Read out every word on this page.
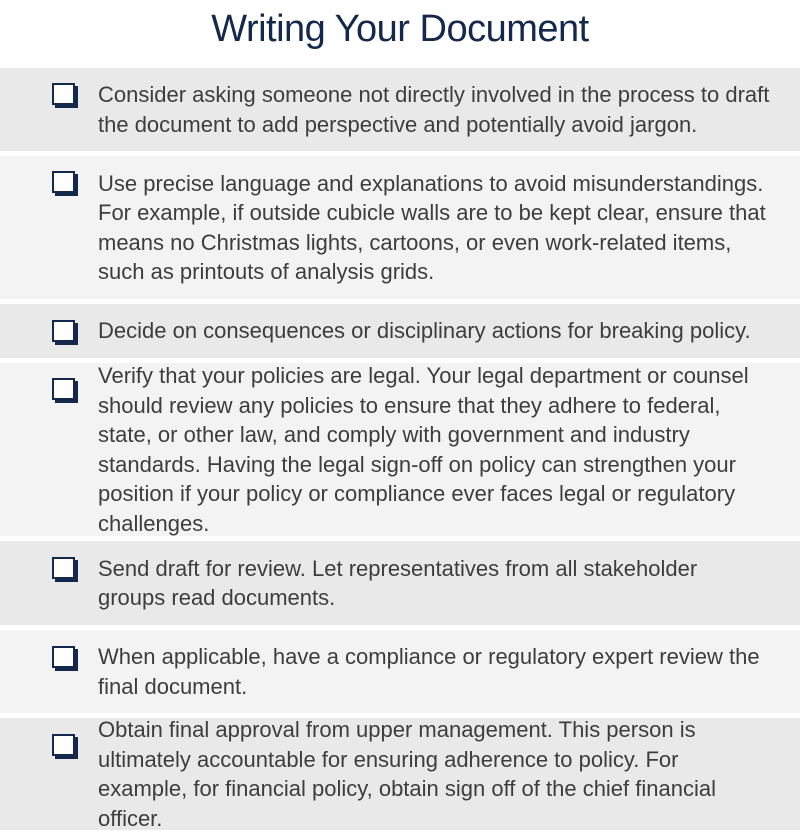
Writing Your Document
Consider asking someone not directly involved in the process to draft the document to add perspective and potentially avoid jargon.
Use precise language and explanations to avoid misunderstandings. For example, if outside cubicle walls are to be kept clear, ensure that means no Christmas lights, cartoons, or even work-related items, such as printouts of analysis grids.
Decide on consequences or disciplinary actions for breaking policy.
Verify that your policies are legal. Your legal department or counsel should review any policies to ensure that they adhere to federal, state, or other law, and comply with government and industry standards. Having the legal sign-off on policy can strengthen your position if your policy or compliance ever faces legal or regulatory challenges.
Send draft for review. Let representatives from all stakeholder groups read documents.
When applicable, have a compliance or regulatory expert review the final document.
Obtain final approval from upper management. This person is ultimately accountable for ensuring adherence to policy. For example, for financial policy, obtain sign off of the chief financial officer.
